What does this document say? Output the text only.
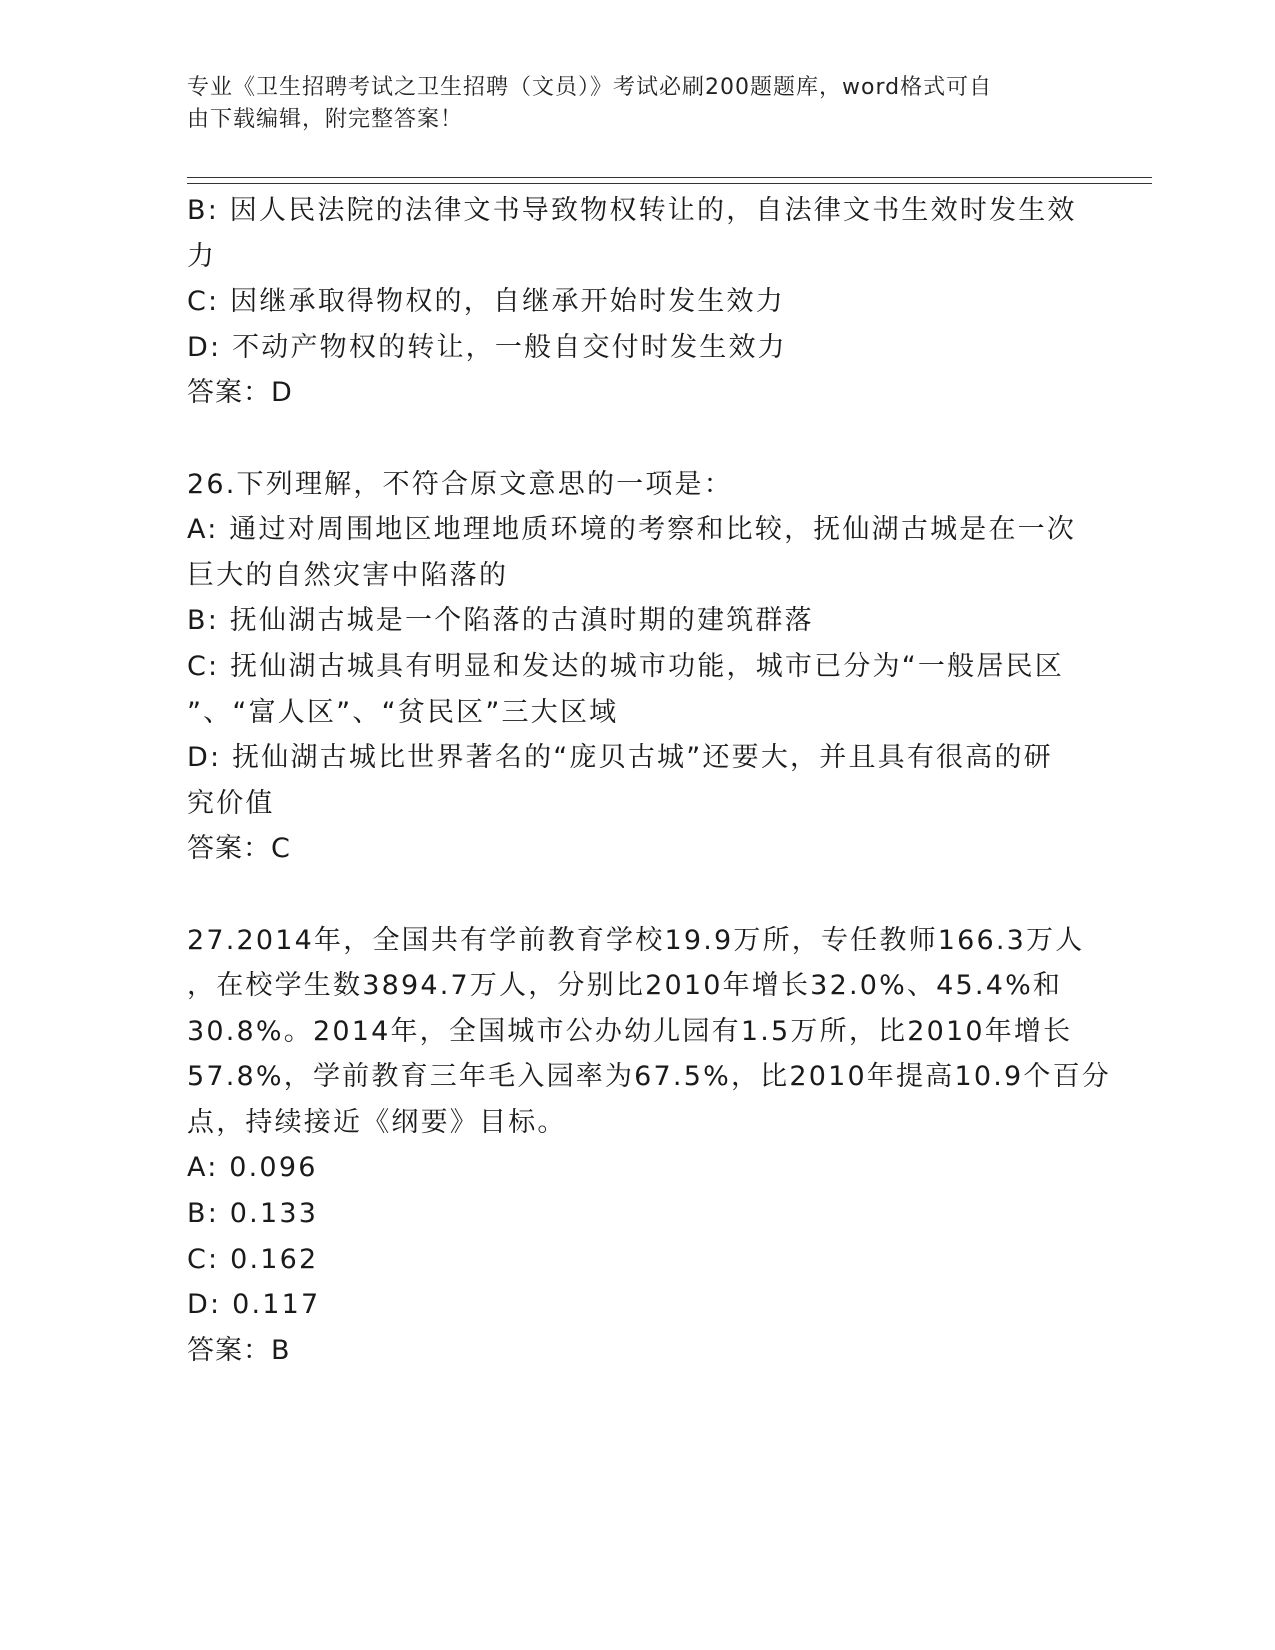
专业《卫生招聘考试之卫生招聘（文员）》考试必刷200题题库，word格式可自
由下载编辑，附完整答案！
B: 因人民法院的法律文书导致物权转让的，自法律文书生效时发生效
力
C: 因继承取得物权的，自继承开始时发生效力
D: 不动产物权的转让，一般自交付时发生效力
答案：D
26.下列理解，不符合原文意思的一项是：
A: 通过对周围地区地理地质环境的考察和比较，抚仙湖古城是在一次
巨大的自然灾害中陷落的
B: 抚仙湖古城是一个陷落的古滇时期的建筑群落
C: 抚仙湖古城具有明显和发达的城市功能，城市已分为“一般居民区
”、“富人区”、“贫民区”三大区域
D: 抚仙湖古城比世界著名的“庞贝古城”还要大，并且具有很高的研
究价值
答案：C
27.2014年，全国共有学前教育学校19.9万所，专任教师166.3万人
，在校学生数3894.7万人，分别比2010年增长32.0%、45.4%和
30.8%。2014年，全国城市公办幼儿园有1.5万所，比2010年增长
57.8%，学前教育三年毛入园率为67.5%，比2010年提高10.9个百分
点，持续接近《纲要》目标。
A: 0.096
B: 0.133
C: 0.162
D: 0.117
答案：B
